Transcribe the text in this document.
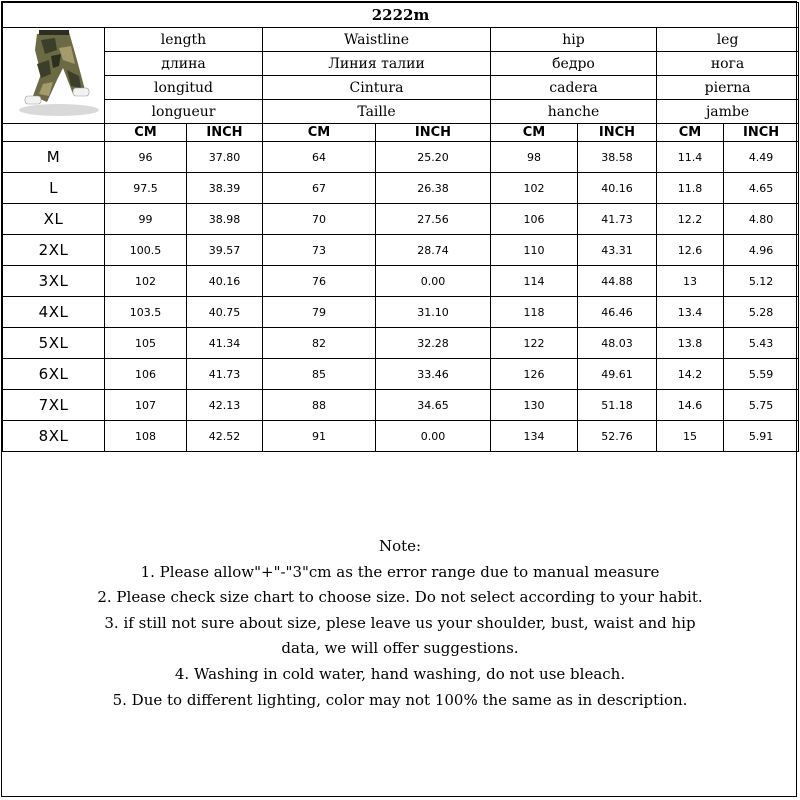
2222m								
	length		Waistline		hip		leg	
	длина		Линия талии		бедро		нога	
	longitud		Cintura		cadera		pierna	
	longueur		Taille		hanche		jambe	
	CM	INCH	CM	INCH	CM	INCH	CM	INCH
M	96	37.80	64	25.20	98	38.58	11.4	4.49
L	97.5	38.39	67	26.38	102	40.16	11.8	4.65
XL	99	38.98	70	27.56	106	41.73	12.2	4.80
2XL	100.5	39.57	73	28.74	110	43.31	12.6	4.96
3XL	102	40.16	76	0.00	114	44.88	13	5.12
4XL	103.5	40.75	79	31.10	118	46.46	13.4	5.28
5XL	105	41.34	82	32.28	122	48.03	13.8	5.43
6XL	106	41.73	85	33.46	126	49.61	14.2	5.59
7XL	107	42.13	88	34.65	130	51.18	14.6	5.75
8XL	108	42.52	91	0.00	134	52.76	15	5.91
Note:
1. Please allow"+"-"3"cm as the error range due to manual measure
2. Please check size chart to choose size. Do not select according to your habit.
3. if still not sure about size, plese leave us your shoulder, bust, waist and hip
data, we will offer suggestions.
4. Washing in cold water, hand washing, do not use bleach.
5. Due to different lighting, color may not 100% the same as in description.
